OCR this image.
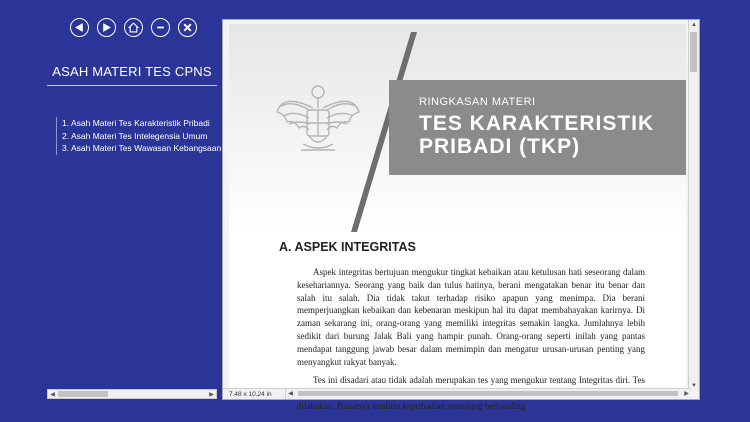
ASAH MATERI TES CPNS
1. Asah Materi Tes Karakteristik Pribadi
2. Asah Materi Tes Intelegensia Umum
3. Asah Materi Tes Wawasan Kebangsaan
◀	▶
RINGKASAN MATERI
TES KARAKTERISTIK
PRIBADI (TKP)
A. ASPEK INTEGRITAS

Aspek integritas bertujuan mengukur tingkat kebaikan atau ketulusan hati seseorang dalam kesehariannya. Seorang yang baik dan tulus hatinya, berani mengatakan benar itu benar dan salah itu salah. Dia tidak takut terhadap risiko apapun yang menimpa. Dia berani memperjuangkan kebaikan dan kebenaran meskipun hal itu dapat membahayakan karirnya. Di zaman sekarang ini, orang-orang yang memiliki integritas semakin langka. Jumlahnya lebih sedikit dari burung Jalak Bali yang hampir punah. Orang-orang seperti inilah yang pantas mendapat tanggung jawab besar dalam memimpin dan mengatur urusan-urusan penting yang menyangkut rakyat banyak.

Tes ini disadari atau tidak adalah merupakan tes yang mengukur tentang Integritas diri. Tes dilakukan. Biasanya kualitas kepribadian seseorang berbanding

▲
▼
7.48 x 10.24 in	◀	▶
